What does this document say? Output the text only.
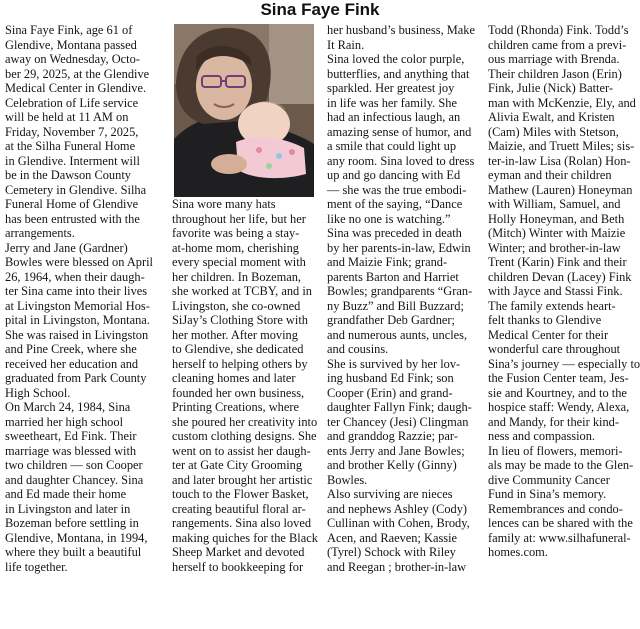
Sina Faye Fink
Sina Faye Fink, age 61 of
Glendive, Montana passed
away on Wednesday, Octo-
ber 29, 2025, at the Glendive
Medical Center in Glendive.
Celebration of Life service
will be held at 11 AM on
Friday, November 7, 2025,
at the Silha Funeral Home
in Glendive. Interment will
be in the Dawson County
Cemetery in Glendive. Silha
Funeral Home of Glendive
has been entrusted with the
arrangements.
Jerry and Jane (Gardner)
Bowles were blessed on April
26, 1964, when their daugh-
ter Sina came into their lives
at Livingston Memorial Hos-
pital in Livingston, Montana.
She was raised in Livingston
and Pine Creek, where she
received her education and
graduated from Park County
High School.
On March 24, 1984, Sina
married her high school
sweetheart, Ed Fink. Their
marriage was blessed with
two children — son Cooper
and daughter Chancey. Sina
and Ed made their home
in Livingston and later in
Bozeman before settling in
Glendive, Montana, in 1994,
where they built a beautiful
life together.
Sina wore many hats
throughout her life, but her
favorite was being a stay-
at-home mom, cherishing
every special moment with
her children. In Bozeman,
she worked at TCBY, and in
Livingston, she co-owned
SiJay’s Clothing Store with
her mother. After moving
to Glendive, she dedicated
herself to helping others by
cleaning homes and later
founded her own business,
Printing Creations, where
she poured her creativity into
custom clothing designs. She
went on to assist her daugh-
ter at Gate City Grooming
and later brought her artistic
touch to the Flower Basket,
creating beautiful floral ar-
rangements. Sina also loved
making quiches for the Black
Sheep Market and devoted
herself to bookkeeping for
her husband’s business, Make
It Rain.
Sina loved the color purple,
butterflies, and anything that
sparkled. Her greatest joy
in life was her family. She
had an infectious laugh, an
amazing sense of humor, and
a smile that could light up
any room. Sina loved to dress
up and go dancing with Ed
— she was the true embodi-
ment of the saying, “Dance
like no one is watching.”
Sina was preceded in death
by her parents-in-law, Edwin
and Maizie Fink; grand-
parents Barton and Harriet
Bowles; grandparents “Gran-
ny Buzz” and Bill Buzzard;
grandfather Deb Gardner;
and numerous aunts, uncles,
and cousins.
She is survived by her lov-
ing husband Ed Fink; son
Cooper (Erin) and grand-
daughter Fallyn Fink; daugh-
ter Chancey (Jesi) Clingman
and granddog Razzie; par-
ents Jerry and Jane Bowles;
and brother Kelly (Ginny)
Bowles.
Also surviving are nieces
and nephews Ashley (Cody)
Cullinan with Cohen, Brody,
Acen, and Raeven; Kassie
(Tyrel) Schock with Riley
and Reegan ; brother-in-law
Todd (Rhonda) Fink. Todd’s
children came from a previ-
ous marriage with Brenda.
Their children Jason (Erin)
Fink, Julie (Nick) Batter-
man with McKenzie, Ely, and
Alivia Ewalt, and Kristen
(Cam) Miles with Stetson,
Maizie, and Truett Miles; sis-
ter-in-law Lisa (Rolan) Hon-
eyman and their children
Mathew (Lauren) Honeyman
with William, Samuel, and
Holly Honeyman, and Beth
(Mitch) Winter with Maizie
Winter; and brother-in-law
Trent (Karin) Fink and their
children Devan (Lacey) Fink
with Jayce and Stassi Fink.
The family extends heart-
felt thanks to Glendive
Medical Center for their
wonderful care throughout
Sina’s journey — especially to
the Fusion Center team, Jes-
sie and Kourtney, and to the
hospice staff: Wendy, Alexa,
and Mandy, for their kind-
ness and compassion.
In lieu of flowers, memori-
als may be made to the Glen-
dive Community Cancer
Fund in Sina’s memory.
Remembrances and condo-
lences can be shared with the
family at: www.silhafuneral-
homes.com.
